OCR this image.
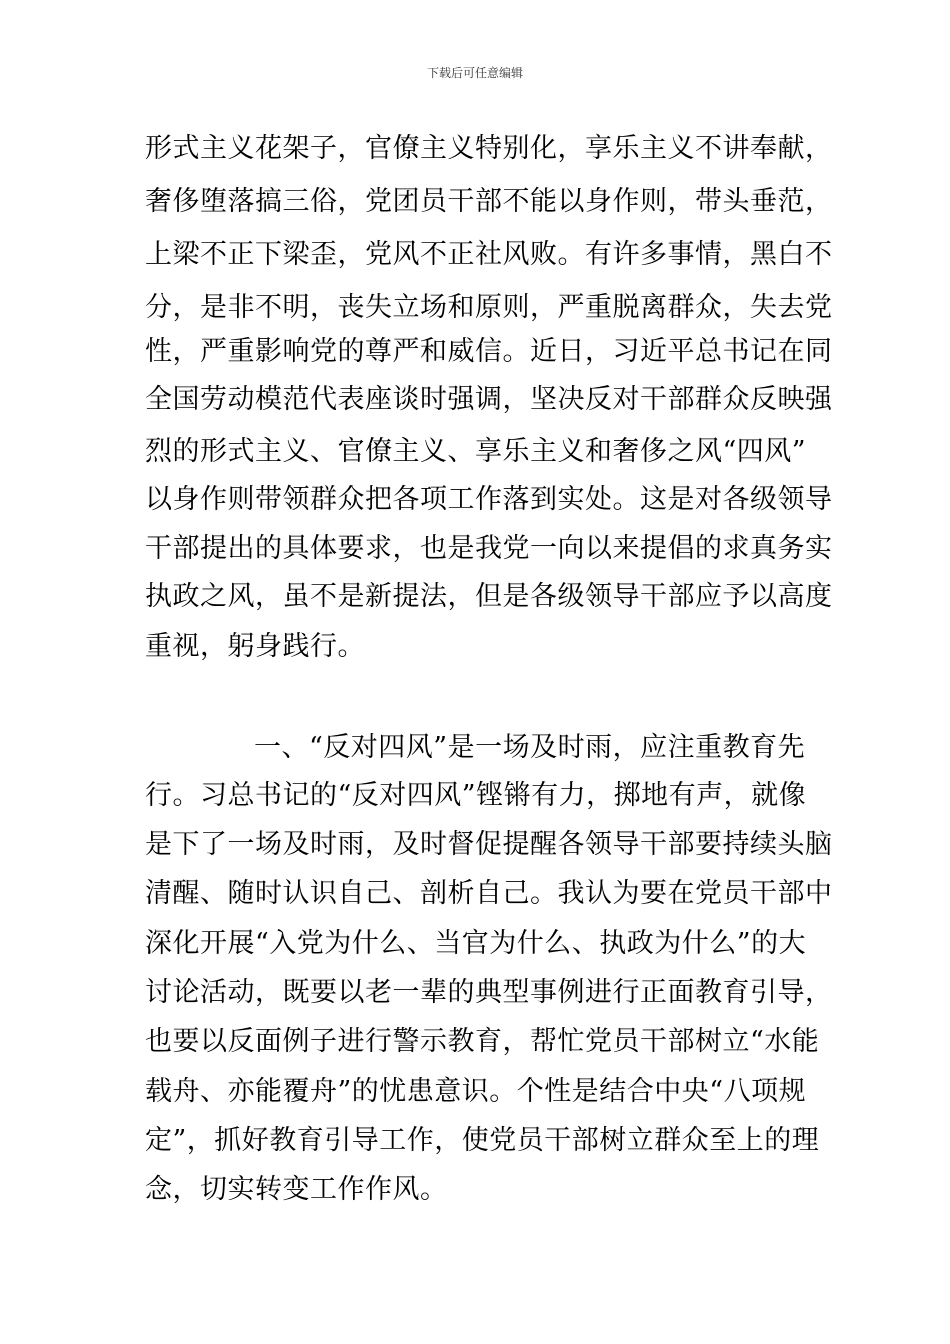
下载后可任意编辑
形式主义花架子，官僚主义特别化，享乐主义不讲奉献，
奢侈堕落搞三俗，党团员干部不能以身作则，带头垂范，
上梁不正下梁歪，党风不正社风败。有许多事情，黑白不
分，是非不明，丧失立场和原则，严重脱离群众，失去党
性，严重影响党的尊严和威信。近日，习近平总书记在同
全国劳动模范代表座谈时强调，坚决反对干部群众反映强
烈的形式主义、官僚主义、享乐主义和奢侈之风“四风”
以身作则带领群众把各项工作落到实处。这是对各级领导
干部提出的具体要求，也是我党一向以来提倡的求真务实
执政之风，虽不是新提法，但是各级领导干部应予以高度
重视，躬身践行。
一、“反对四风”是一场及时雨，应注重教育先
行。习总书记的“反对四风”铿锵有力，掷地有声，就像
是下了一场及时雨，及时督促提醒各领导干部要持续头脑
清醒、随时认识自己、剖析自己。我认为要在党员干部中
深化开展“入党为什么、当官为什么、执政为什么”的大
讨论活动，既要以老一辈的典型事例进行正面教育引导，
也要以反面例子进行警示教育，帮忙党员干部树立“水能
载舟、亦能覆舟”的忧患意识。个性是结合中央“八项规
定”，抓好教育引导工作，使党员干部树立群众至上的理
念，切实转变工作作风。
